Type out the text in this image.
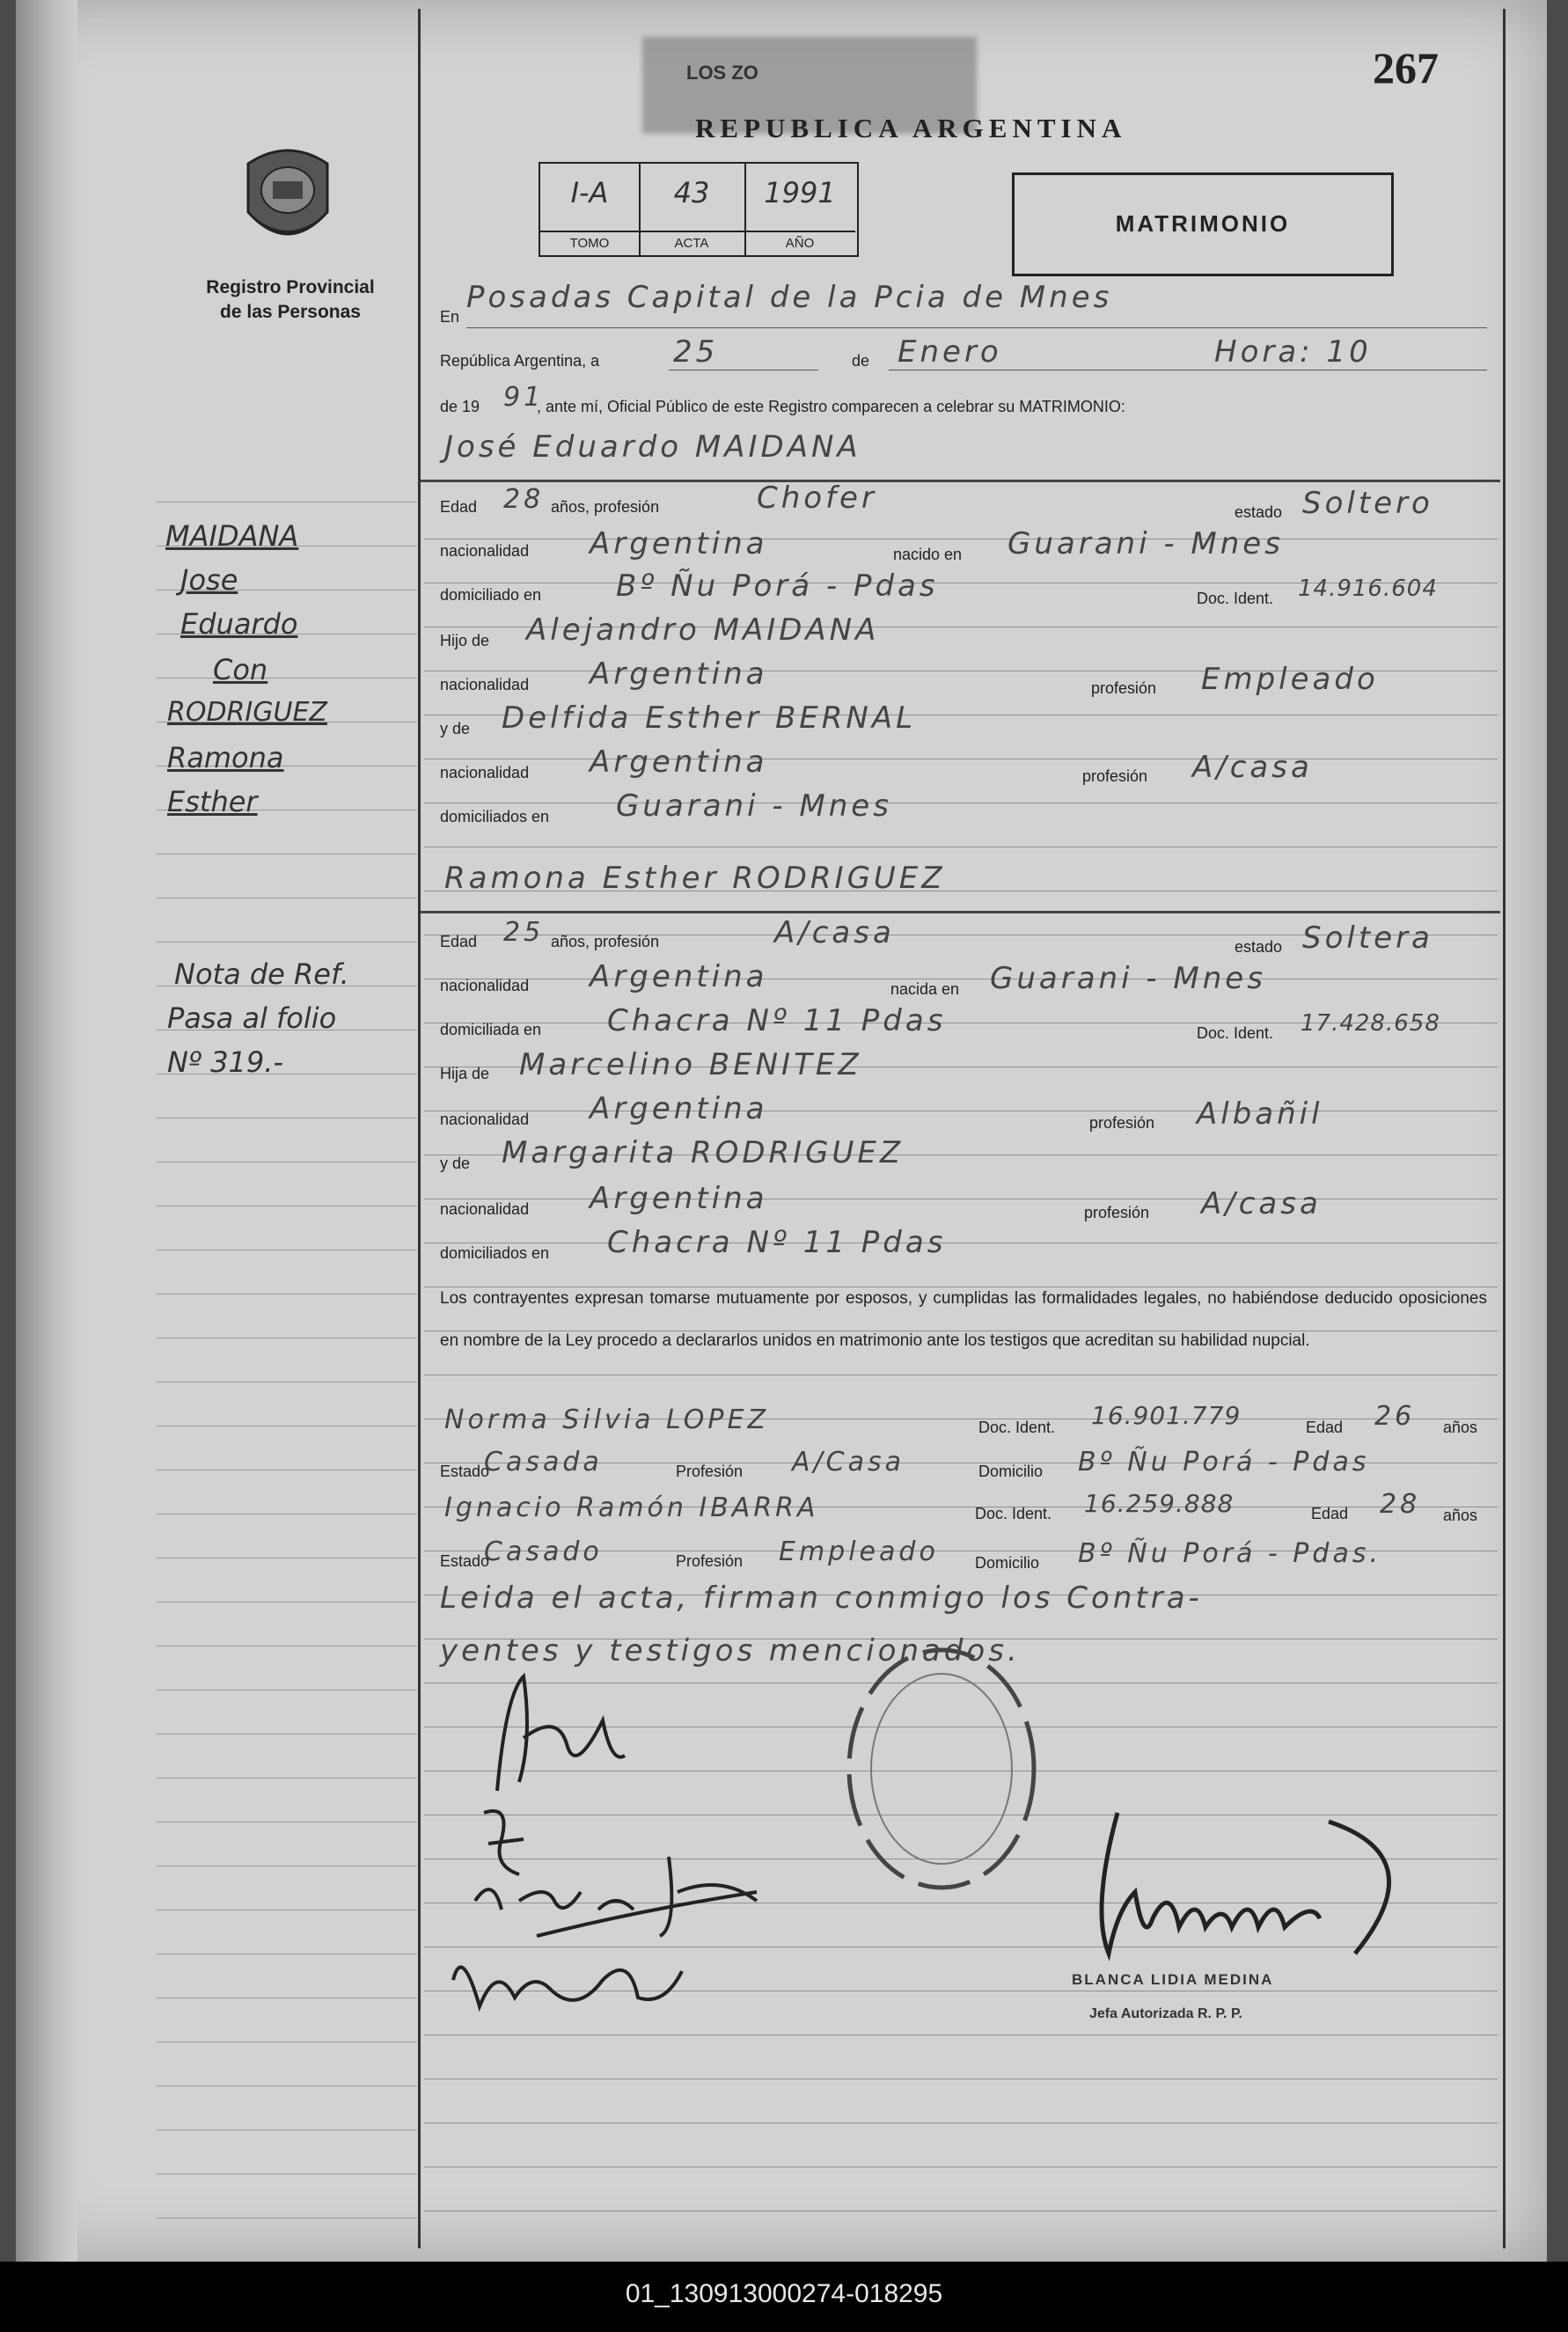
LOS ZO	267
REPUBLICA ARGENTINA
Registro Provincial
de las Personas
I-A
TOMO
43
ACTA
1991
AÑO
MATRIMONIO
En
Posadas Capital de la Pcia de Mnes
República Argentina, a 25	de Enero	Hora: 10
de 19 91
, ante mí, Oficial Público de este Registro comparecen a celebrar su MATRIMONIO:
José Eduardo MAIDANA
Edad 28 años, profesión	Chofer	estado Soltero
nacionalidad Argentina	nacido en Guarani - Mnes
domiciliado en Bº Ñu Porá - Pdas	Doc. Ident. 14.916.604
Hijo de Alejandro MAIDANA
nacionalidad Argentina	profesión Empleado
y de Delfida Esther BERNAL
nacionalidad Argentina	profesión A/casa
domiciliados en Guarani - Mnes
Ramona Esther RODRIGUEZ
Edad 25 años, profesión	A/casa	estado Soltera
nacionalidad Argentina	nacida en Guarani - Mnes
domiciliada en Chacra Nº 11 Pdas	Doc. Ident. 17.428.658
Hija de Marcelino BENITEZ
nacionalidad Argentina	profesión Albañil
y de Margarita RODRIGUEZ
nacionalidad Argentina	profesión A/casa
domiciliados en Chacra Nº 11 Pdas
Los contrayentes expresan tomarse mutuamente por esposos, y cumplidas las formalidades legales, no habiéndose deducido oposiciones en nombre de la Ley procedo a declararlos unidos en matrimonio ante los testigos que acreditan su habilidad nupcial.
Norma Silvia LOPEZ	Doc. Ident. 16.901.779	Edad 26 años
Estado
Casada	Profesión A/Casa	Domicilio Bº Ñu Porá - Pdas
Ignacio Ramón IBARRA	Doc. Ident. 16.259.888	Edad 28 años
Estado
Casado	Profesión Empleado Domicilio Bº Ñu Porá - Pdas.
Leida el acta, firman conmigo los Contra-
yentes y testigos mencionados.
MAIDANA
Jose
Eduardo
Con
RODRIGUEZ
Ramona
Esther
Nota de Ref.
Pasa al folio
Nº 319.-
BLANCA LIDIA MEDINA
Jefa Autorizada R. P. P.
01_130913000274-018295
